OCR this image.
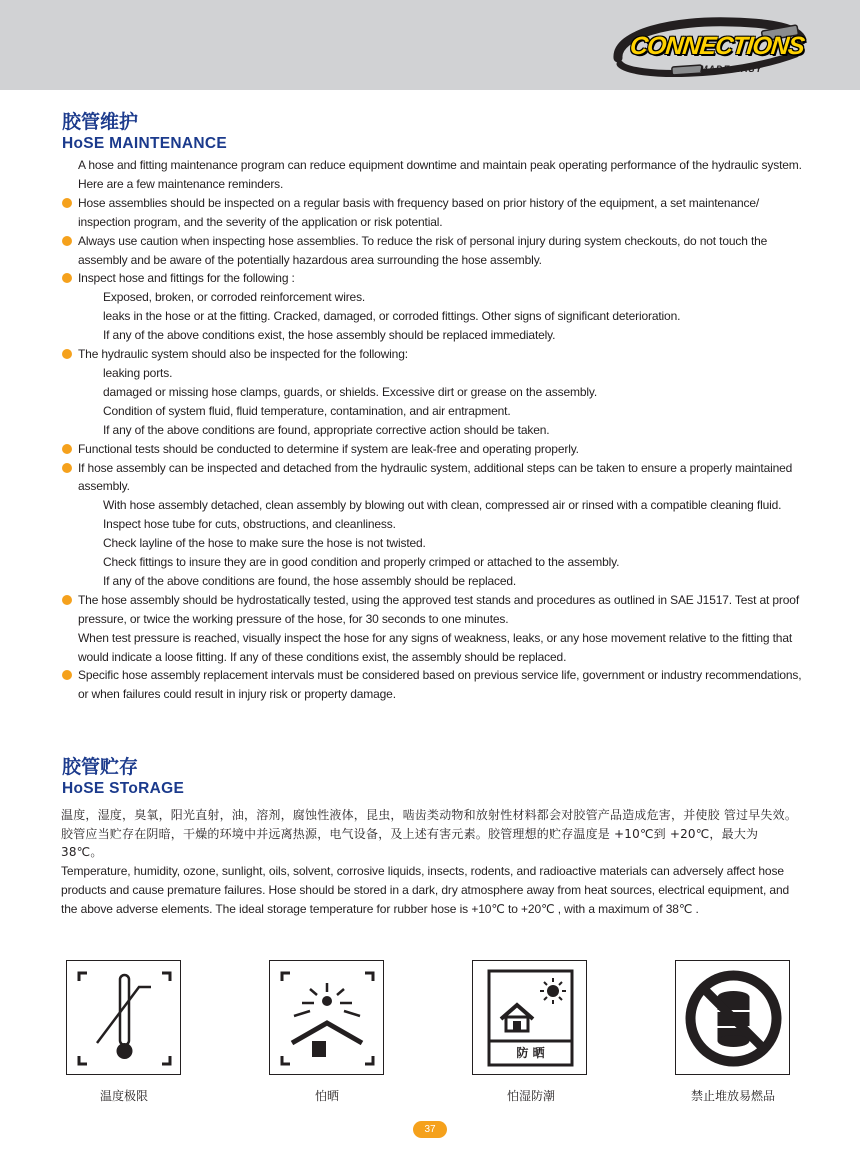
CONNECTIONS
MADE EASY
胶管维护
HoSE MAINTENANCE
A hose and fitting maintenance program can reduce equipment downtime and maintain peak operating performance of the hydraulic system. Here are a few maintenance reminders.
Hose assemblies should be inspected on a regular basis with frequency based on prior history of the equipment, a set maintenance/ inspection program, and the severity of the application or risk potential.
Always use caution when inspecting hose assemblies. To reduce the risk of personal injury during system checkouts, do not touch the assembly and be aware of the potentially hazardous area surrounding the hose assembly.
Inspect hose and fittings for the following :
Exposed, broken, or corroded reinforcement wires.
leaks in the hose or at the fitting. Cracked, damaged, or corroded fittings. Other signs of significant deterioration.
If any of the above conditions exist, the hose assembly should be replaced immediately.
The hydraulic system should also be inspected for the following:
leaking ports.
damaged or missing hose clamps, guards, or shields. Excessive dirt or grease on the assembly.
Condition of system fluid, fluid temperature, contamination, and air entrapment.
If any of the above conditions are found, appropriate corrective action should be taken.
Functional tests should be conducted to determine if system are leak-free and operating properly.
If hose assembly can be inspected and detached from the hydraulic system, additional steps can be taken to ensure a properly maintained assembly.
With hose assembly detached, clean assembly by blowing out with clean, compressed air or rinsed with a compatible cleaning fluid.
Inspect hose tube for cuts, obstructions, and cleanliness.
Check layline of the hose to make sure the hose is not twisted.
Check fittings to insure they are in good condition and properly crimped or attached to the assembly.
If any of the above conditions are found, the hose assembly should be replaced.
The hose assembly should be hydrostatically tested, using the approved test stands and procedures as outlined in SAE J1517. Test at proof pressure, or twice the working pressure of the hose, for 30 seconds to one minutes.
When test pressure is reached, visually inspect the hose for any signs of weakness, leaks, or any hose movement relative to the fitting that would indicate a loose fitting. If any of these conditions exist, the assembly should be replaced.
Specific hose assembly replacement intervals must be considered based on previous service life, government or industry recommendations, or when failures could result in injury risk or property damage.
胶管贮存
HoSE SToRAGE
温度，湿度，臭氧，阳光直射，油，溶剂，腐蚀性液体，昆虫，啮齿类动物和放射性材料都会对胶管产品造成危害，并使胶 管过早失效。胶管应当贮存在阴暗，干燥的环境中并远离热源，电气设备，及上述有害元素。胶管理想的贮存温度是 +10℃到 +20℃，最大为 38℃。
Temperature, humidity, ozone, sunlight, oils, solvent, corrosive liquids, insects, rodents, and radioactive materials can adversely affect hose products and cause premature failures. Hose should be stored in a dark, dry atmosphere away from heat sources, electrical equipment, and the above adverse elements. The ideal storage temperature for rubber hose is +10℃ to +20℃ , with a maximum of 38℃ .
温度极限	怕晒
防 晒
怕湿防潮	禁止堆放易燃品
37
